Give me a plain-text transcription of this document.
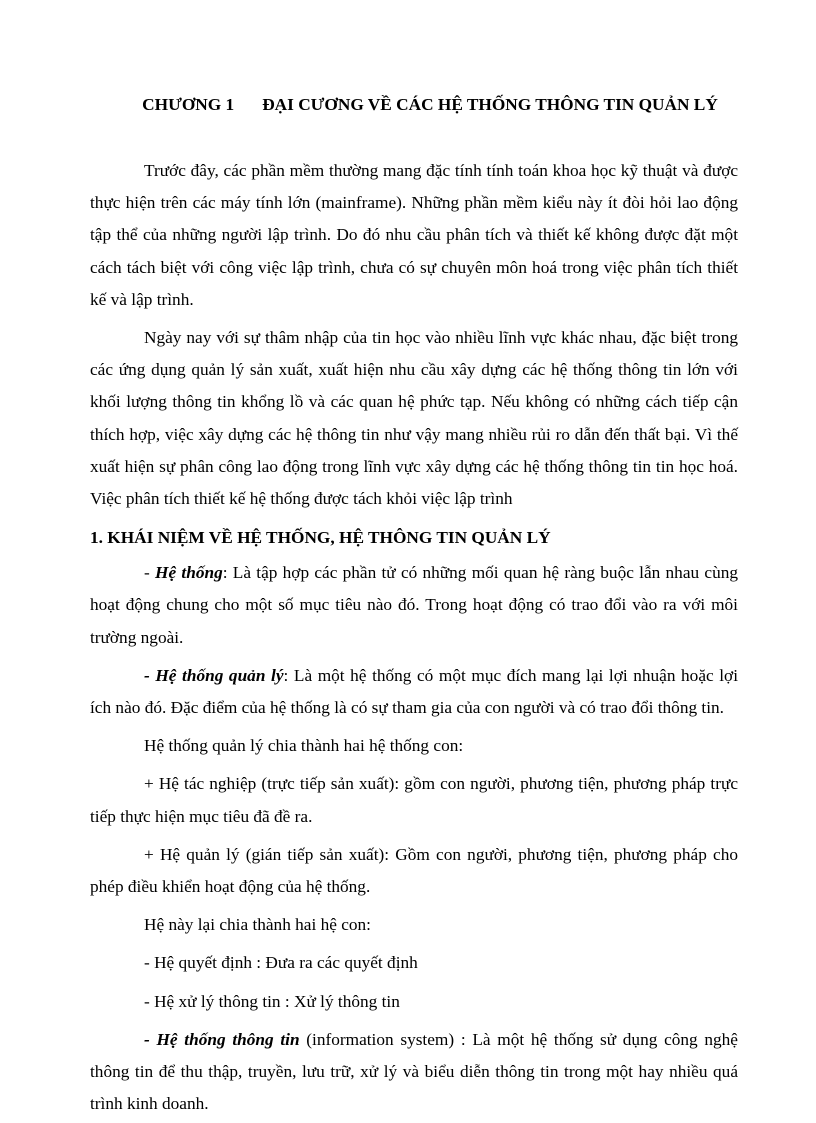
CHƯƠNG 1 ĐẠI CƯƠNG VỀ CÁC HỆ THỐNG THÔNG TIN QUẢN LÝ

Trước đây, các phần mềm thường mang đặc tính tính toán khoa học kỹ thuật và được thực hiện trên các máy tính lớn (mainframe). Những phần mềm kiểu này ít đòi hỏi lao động tập thể của những người lập trình. Do đó nhu cầu phân tích và thiết kế không được đặt một cách tách biệt với công việc lập trình, chưa có sự chuyên môn hoá trong việc phân tích thiết kế và lập trình.

Ngày nay với sự thâm nhập của tin học vào nhiều lĩnh vực khác nhau, đặc biệt trong các ứng dụng quản lý sản xuất, xuất hiện nhu cầu xây dựng các hệ thống thông tin lớn với khối lượng thông tin khổng lồ và các quan hệ phức tạp. Nếu không có những cách tiếp cận thích hợp, việc xây dựng các hệ thông tin như vậy mang nhiều rủi ro dẫn đến thất bại. Vì thế xuất hiện sự phân công lao động trong lĩnh vực xây dựng các hệ thống thông tin tin học hoá. Việc phân tích thiết kế hệ thống được tách khỏi việc lập trình

1. KHÁI NIỆM VỀ HỆ THỐNG, HỆ THÔNG TIN QUẢN LÝ

- Hệ thống: Là tập hợp các phần tử có những mối quan hệ ràng buộc lẫn nhau cùng hoạt động chung cho một số mục tiêu nào đó. Trong hoạt động có trao đổi vào ra với môi trường ngoài.

- Hệ thống quản lý: Là một hệ thống có một mục đích mang lại lợi nhuận hoặc lợi ích nào đó. Đặc điểm của hệ thống là có sự tham gia của con người và có trao đổi thông tin.

Hệ thống quản lý chia thành hai hệ thống con:

+ Hệ tác nghiệp (trực tiếp sản xuất): gồm con người, phương tiện, phương pháp trực tiếp thực hiện mục tiêu đã đề ra.

+ Hệ quản lý (gián tiếp sản xuất): Gồm con người, phương tiện, phương pháp cho phép điều khiển hoạt động của hệ thống.

Hệ này lại chia thành hai hệ con:

- Hệ quyết định : Đưa ra các quyết định

- Hệ xử lý thông tin : Xử lý thông tin

- Hệ thống thông tin (information system) : Là một hệ thống sử dụng công nghệ thông tin để thu thập, truyền, lưu trữ, xử lý và biểu diễn thông tin trong một hay nhiều quá trình kinh doanh.
